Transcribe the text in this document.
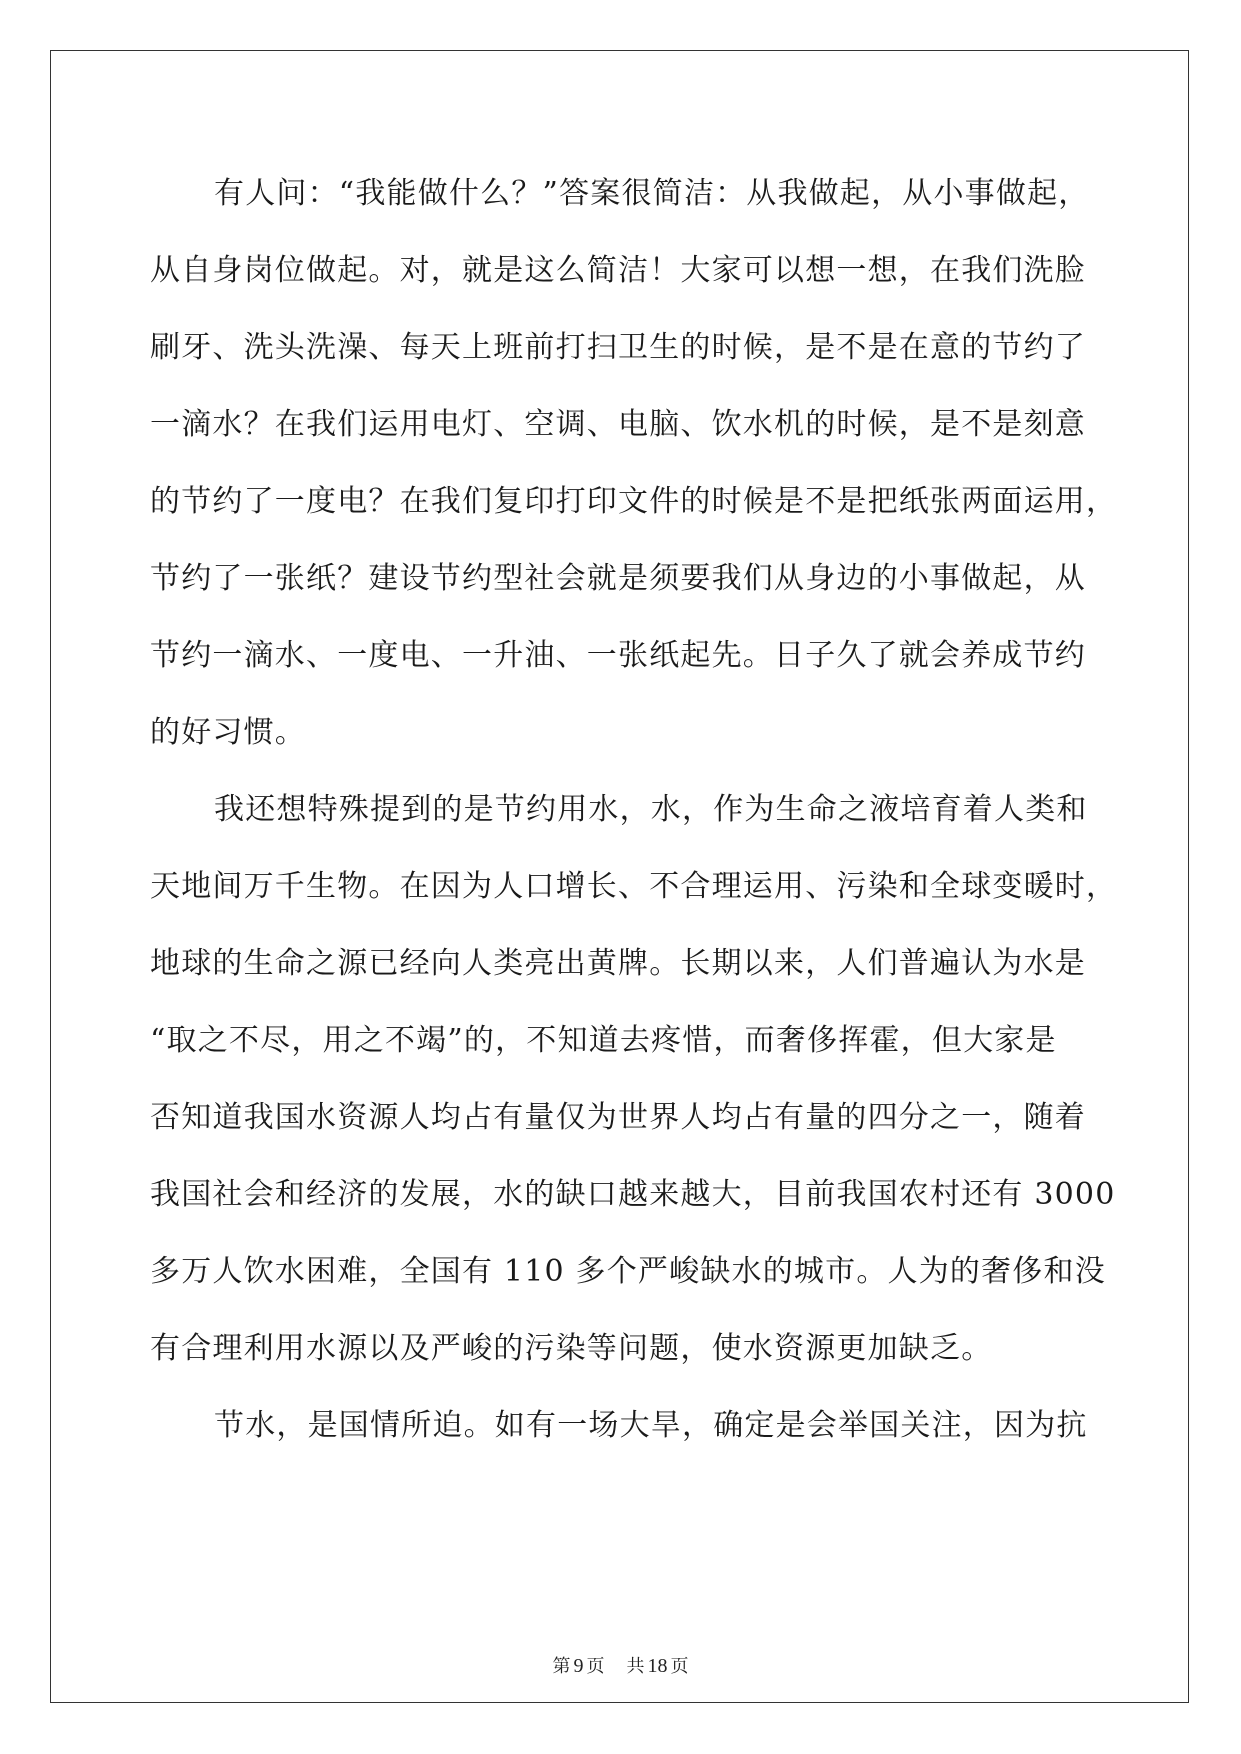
有人问：“我能做什么？”答案很简洁：从我做起，从小事做起，
从自身岗位做起。对，就是这么简洁！大家可以想一想，在我们洗脸
刷牙、洗头洗澡、每天上班前打扫卫生的时候，是不是在意的节约了
一滴水？在我们运用电灯、空调、电脑、饮水机的时候，是不是刻意
的节约了一度电？在我们复印打印文件的时候是不是把纸张两面运用，
节约了一张纸？建设节约型社会就是须要我们从身边的小事做起，从
节约一滴水、一度电、一升油、一张纸起先。日子久了就会养成节约
的好习惯。
我还想特殊提到的是节约用水，水，作为生命之液培育着人类和
天地间万千生物。在因为人口增长、不合理运用、污染和全球变暖时，
地球的生命之源已经向人类亮出黄牌。长期以来，人们普遍认为水是
“取之不尽，用之不竭”的，不知道去疼惜，而奢侈挥霍，但大家是
否知道我国水资源人均占有量仅为世界人均占有量的四分之一，随着
我国社会和经济的发展，水的缺口越来越大，目前我国农村还有 3000
多万人饮水困难，全国有 110 多个严峻缺水的城市。人为的奢侈和没
有合理利用水源以及严峻的污染等问题，使水资源更加缺乏。
节水，是国情所迫。如有一场大旱，确定是会举国关注，因为抗
第 9 页 共 18 页
